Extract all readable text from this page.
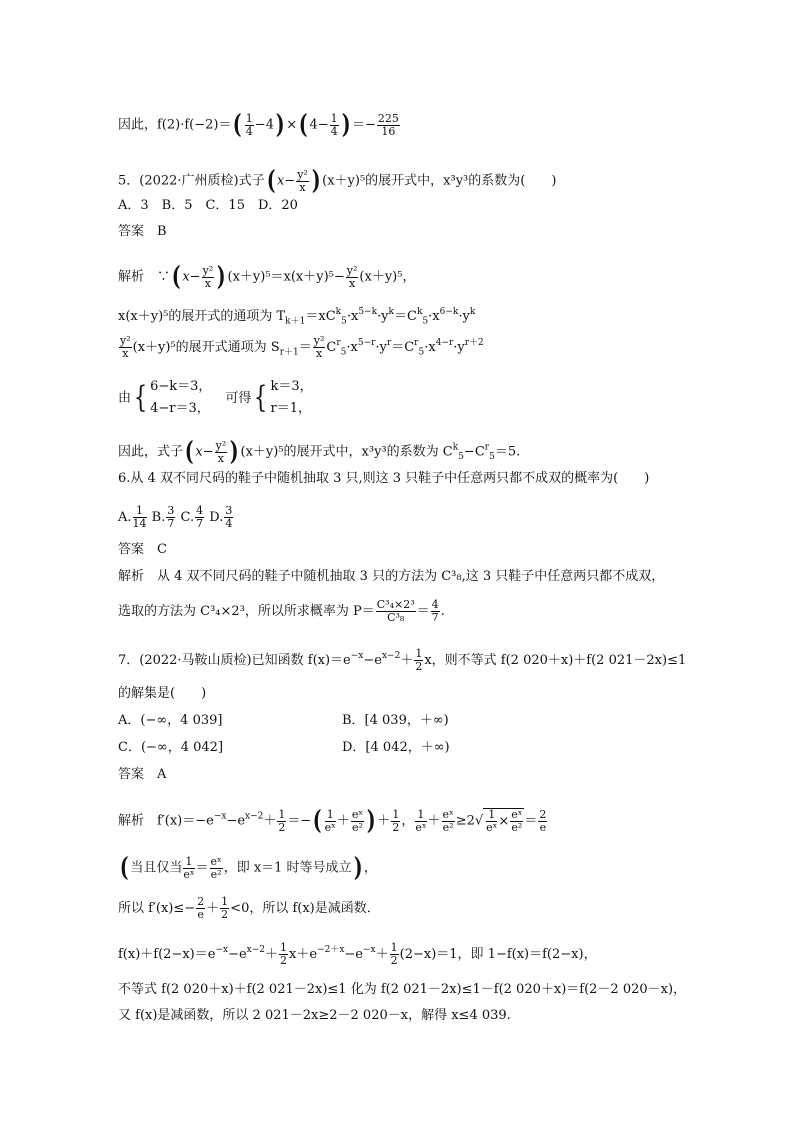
因此，$f(2)\cdot f(-2)=( \frac{1}{4} -4)$ ×( $4- \frac{1}{4}$ ) ＝− $\frac{225}{16}$
5．(2022·广州质检)式子( $x- \frac{\text{y²}}{x}$ ) (x＋y)⁵的展开式中，x³y³的系数为(　　)
A．3　B．5　C．15　D．20
答案　B
解析　∵( $x- \frac{\text{y²}}{x}$ ) $(x+y)^5=x(x+y)^5- \frac{\text{y²}}{x} (x+y)^5$，
x(x＋y)⁵的展开式的通项为 $T_{k+1}=xC^k_5\cdot x^{5-k}\cdot y^k=C^k_5\cdot x^{6-k}\cdot y^k$
$\frac{\text{y²}}{x} (x+y)^5$的展开式通项为 $S_{r+1}= \frac{\text{y²}}{x} C^r_5\cdot x^{5-r}\cdot y^r=C^r_5\cdot x^{4-r}\cdot y^{r+2}$
由{ 6−k＝3，
4−r＝3，
可得{ k＝3，
r＝1，
因此，式子( $x- \frac{\text{y²}}{x}$ ) (x＋y)⁵的展开式中，x³y³的系数为 $C^k_5-C^r_5=5$.
6.从 4 双不同尺码的鞋子中随机抽取 3 只,则这 3 只鞋子中任意两只都不成双的概率为(　　)
A. $\frac{1}{14} B$. $\frac{3}{7} C$. $\frac{4}{7} D$. $\frac{3}{4}$
答案　C
解析　从 4 双不同尺码的鞋子中随机抽取 3 只的方法为 C³₈,这 3 只鞋子中任意两只都不成双，
选取的方法为 C³₄×2³，所以所求概率为 $P= \frac{\text{C³₄×2³}}{\text{C³₈}} = \frac{4}{7}$ .
7．(2022·马鞍山质检)已知函数 $f(x)=e^{-x}-e^{x-2}+ \frac{1}{2}$ x，则不等式 f(2 020＋x)＋f(2 021－2x)≤1
的解集是(　　)
A．(−∞，4 039]	B．[4 039，＋∞)
C．(−∞，4 042]	D．[4 042，＋∞)
答案　A
解析　$f'(x)=-e^{-x}-e^{x-2}+ \frac{1}{2}$ ＝−( $\frac{1}{\text{eˣ}} + \frac{\text{eˣ}}{\text{e²}}$ ) ＋ $\frac{1}{2}$ ， $\frac{1}{\text{eˣ}} + \frac{\text{eˣ}}{\text{e²}} \ge 2√ \frac{1}{\text{eˣ}} \times \frac{\text{eˣ}}{\text{e²}} = \frac{2}{e}$
( 当且仅当 $\frac{1}{\text{eˣ}} = \frac{\text{eˣ}}{\text{e²}}$ ，即 x＝1 时等号成立) ，
所以 $f'(x)\le- \frac{2}{e} + \frac{1}{2} <0$，所以 f(x)是减函数．
$f(x)+f(2-x)=e^{-x}-e^{x-2}+ \frac{1}{2} x+e^{-2+x}-e^{-x}+ \frac{1}{2} (2-x)=1$，即 1−f(x)＝f(2−x)，
不等式 f(2 020＋x)＋f(2 021－2x)≤1 化为 f(2 021－2x)≤1－f(2 020＋x)＝f(2－2 020－x)，
又 f(x)是减函数，所以 2 021－2x≥2－2 020－x，解得 x≤4 039.
